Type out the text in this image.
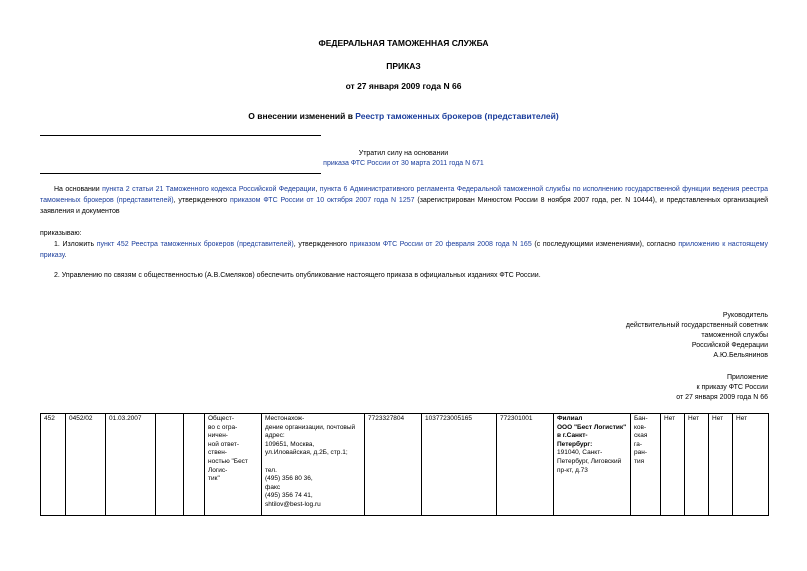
ФЕДЕРАЛЬНАЯ ТАМОЖЕННАЯ СЛУЖБА
ПРИКАЗ
от 27 января 2009 года N 66
О внесении изменений в Реестр таможенных брокеров (представителей)
Утратил силу на основании
приказа ФТС России от 30 марта 2011 года N 671
На основании пункта 2 статьи 21 Таможенного кодекса Российской Федерации, пункта 6 Административного регламента Федеральной таможенной службы по исполнению государственной функции ведения реестра таможенных брокеров (представителей), утвержденного приказом ФТС России от 10 октября 2007 года N 1257 (зарегистрирован Минюстом России 8 ноября 2007 года, рег. N 10444), и представленных организацией заявления и документов
приказываю:
1. Изложить пункт 452 Реестра таможенных брокеров (представителей), утвержденного приказом ФТС России от 20 февраля 2008 года N 165 (с последующими изменениями), согласно приложению к настоящему приказу.
2. Управлению по связям с общественностью (А.В.Смеляков) обеспечить опубликование настоящего приказа в официальных изданиях ФТС России.
Руководитель
действительный государственный советник
таможенной службы
Российской Федерации
А.Ю.Бельянинов
Приложение
к приказу ФТС России
от 27 января 2009 года N 66
452	0452/02	01.03.2007			Общест-
во с огра-
ничен-
ной ответ-
ствен-
ностью "Бест
Логис-
тик"	Местонахож-
дение организации, почтовый
адрес:
109651, Москва,
ул.Иловайская, д.2Б, стр.1;

тел.
(495) 356 80 36,
факс
(495) 356 74 41,
shtilov@best-log.ru	7723327804	1037723005165	772301001	Филиал
ООО "Бест Логистик"
в г.Санкт-
Петербург:
191040, Санкт-
Петербург, Лиговский
пр-кт, д.73
	Бан-
ков-
ская га-
ран-
тия	Нет	Нет	Нет	Нет
